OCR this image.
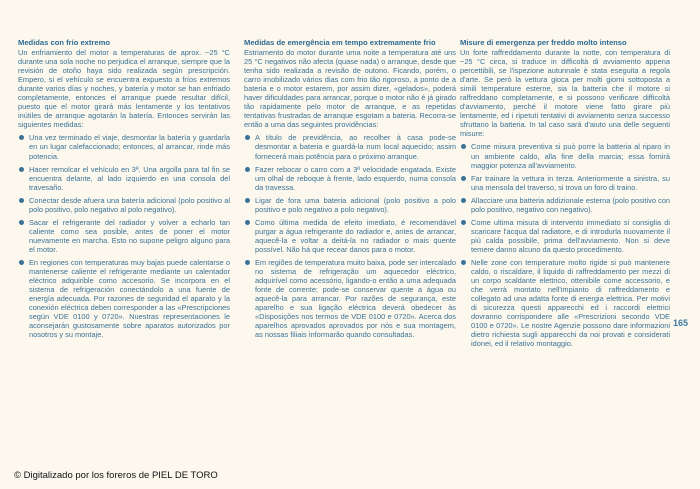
Medidas con frío extremo
Un enfriamiento del motor a temperaturas de aprox. −25 °C durante una sola noche no perjudica el arranque, siempre que la revisión de otoño haya sido realizada según prescripción. Empero, si el vehículo se encuentra expuesto a fríos extremos durante varios días y noches, y batería y motor se han enfriado completamente, entonces el arranque puede resultar difícil, puesto que el motor girará más lentamente y los tentativos inútiles de arranque agotarán la batería. Entonces servirán las siguientes medidas:
Una vez terminado el viaje, desmontar la batería y guardarla en un lugar calefaccionado; entonces, al arrancar, rinde más potencia.
Hacer remolcar el vehículo en 3ª. Una argolla para tal fin se encuentra delante, al lado izquierdo en una consola del travesaño.
Conectar desde afuera una batería adicional (polo positivo al polo positivo, polo negativo al polo negativo).
Sacar el refrigerante del radiador y volver a echarlo tan caliente como sea posible, antes de poner el motor nuevamente en marcha. Esto no supone peligro alguno para el motor.
En regiones con temperaturas muy bajas puede calentarse o mantenerse caliente el refrigerante mediante un calentador eléctrico adquirible como accesorio. Se incorpora en el sistema de refrigeración conectándolo a una fuente de energía adecuada. Por razones de seguridad el aparato y la conexión eléctrica deben corresponder a las «Prescripciones según VDE 0100 y 0720». Nuestras representaciones le aconsejarán gustosamente sobre aparatos autorizados por nosotros y su montaje.
Medidas de emergência em tempo extremamente frio
Estriamento do motor durante uma noite a temperatura até uns 25 °C negativos não afecta (quase nada) o arranque, desde que tenha sido realizada a revisão de outono. Ficando, porém, o carro imobilizado vários dias com frio tão rigoroso, a ponto de a bateria e o motor estarem, por assim dizer, «gelados», poderá haver dificuldades para arrancar, porque o motor não é já girado tão rapidamente pelo motor de arranque, e as repetidas tentativas frustradas de arranque esgotam a bateria. Recorra-se então a uma das seguintes providências:
A título de previdência, ao recolher à casa pode-se desmontar a bateria e guardá-la num local aquecido; assim fornecerá mais potência para o próximo arranque.
Fazer rebocar o carro com a 3ª velocidade engatada. Existe um olhal de reboque à frente, lado esquerdo, numa consola da travessa.
Ligar de fora uma bateria adicional (polo positivo a polo positivo e polo negativo a polo negativo).
Como última medida de efeito imediato, é recomendável purgar a água refrigerante do radiador e, antes de arrancar, aquecê-la e voltar a deitá-la no radiador o mais quente possível. Não há que recear danos para o motor.
Em regiões de temperatura muito baixa, pode ser intercalado no sistema de refrigeração um aquecedor eléctrico, adquirível como acessório, ligando-o então a uma adequada fonte de corrente; pode-se conservar quente a água ou aquecê-la para arrancar. Por razões de segurança, este aparelho e sua ligação eléctrica deverá obedecer às «Disposições nos termos de VDE 0100 e 0720». Acerca dos aparelhos aprovados aprovados por nós e sua montagem, as nossas filiais informarão quando consultadas.
Misure di emergenza per freddo molto intenso
Un forte raffreddamento durante la notte, con temperatura di −25 °C circa, si traduce in difficoltà di avviamento appena percettibili, se l'ispezione autunnale è stata eseguita a regola d'arte. Se però la vettura gioca per molti giorni sottoposta a simili temperature esterne, sia la batteria che il motore si raffreddano completamente, e si possono verificare difficoltà d'avviamento, perché il motore viene fatto girare più lentamente, ed i ripetuti tentativi di avviamento senza successo sfruttano la batteria. In tal caso sarà d'aiuto una delle seguenti misure:
Come misura preventiva si può porre la batteria al riparo in un ambiente caldo, alla fine della marcia; essa fornirà maggior potenza all'avviamento.
Far trainare la vettura in terza. Anteriormente a sinistra, su una mensola del traverso, si trova un foro di traino.
Allacciare una batteria addizionale esterna (polo positivo con polo positivo, negativo con negativo).
Come ultima misura di intervento immediato si consiglia di scaricare l'acqua dal radiatore, e di introdurla nuovamente il più calda possibile, prima dell'avviamento. Non si deve temere danno alcuno da questo procedimento.
Nelle zone con temperature molto rigide si può mantenere caldo, o riscaldare, il liquido di raffreddamento per mezzi di un corpo scaldante elettrico, ottenibile come accessorio, e che verrà montato nell'impianto di raffreddamento e collegato ad una adatta fonte di energia elettrica. Per motivi di sicurezza questi apparecchi ed i raccordi elettrici dovranno corrispondere alle «Prescrizioni secondo VDE 0100 e 0720». Le nostre Agenzie possono dare informazioni dietro richiesta sugli apparecchi da noi provati e considerati idonei, ed il relativo montaggio.
165
© Digitalizado por los foreros de PIEL DE TORO
